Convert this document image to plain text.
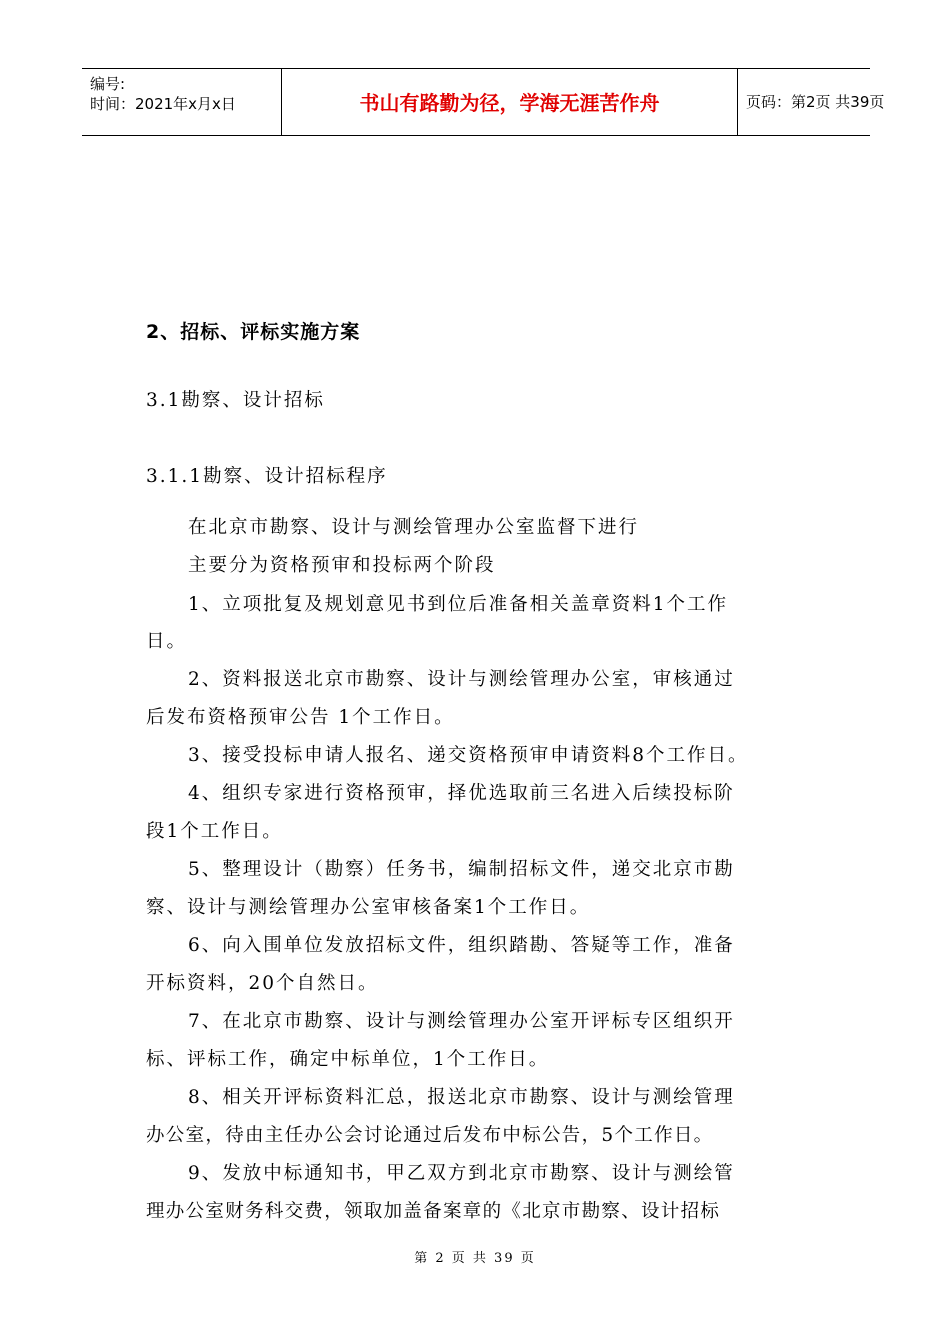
编号:
时间：2021年x月x日	书山有路勤为径，学海无涯苦作舟	页码：第2页 共39页
2、招标、评标实施方案
3.1勘察、设计招标
3.1.1勘察、设计招标程序
在北京市勘察、设计与测绘管理办公室监督下进行
主要分为资格预审和投标两个阶段
1、立项批复及规划意见书到位后准备相关盖章资料1个工作
日。
2、资料报送北京市勘察、设计与测绘管理办公室，审核通过
后发布资格预审公告 1个工作日。
3、接受投标申请人报名、递交资格预审申请资料8个工作日。
4、组织专家进行资格预审，择优选取前三名进入后续投标阶
段1个工作日。
5、整理设计（勘察）任务书，编制招标文件，递交北京市勘
察、设计与测绘管理办公室审核备案1个工作日。
6、向入围单位发放招标文件，组织踏勘、答疑等工作，准备
开标资料，20个自然日。
7、在北京市勘察、设计与测绘管理办公室开评标专区组织开
标、评标工作，确定中标单位，1个工作日。
8、相关开评标资料汇总，报送北京市勘察、设计与测绘管理
办公室，待由主任办公会讨论通过后发布中标公告，5个工作日。
9、发放中标通知书，甲乙双方到北京市勘察、设计与测绘管
理办公室财务科交费，领取加盖备案章的《北京市勘察、设计招标
第 2 页 共 39 页
